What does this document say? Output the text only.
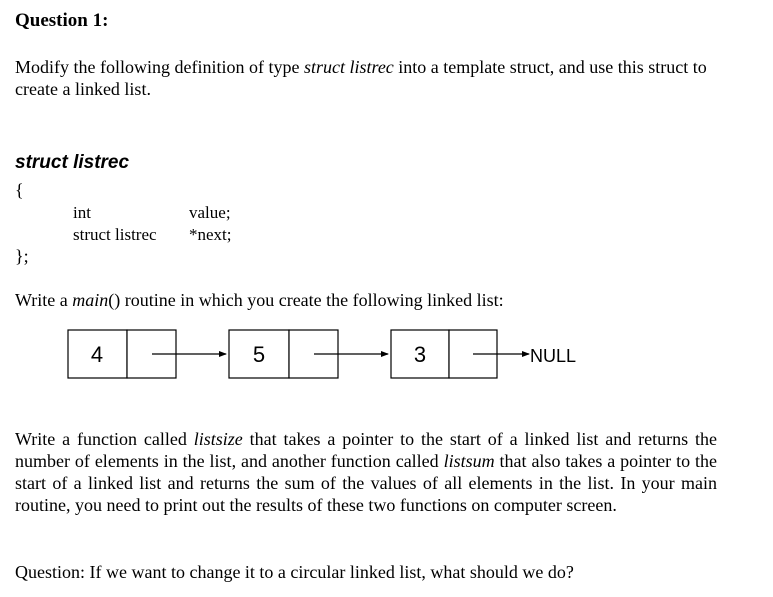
Question 1:
Modify the following definition of type struct listrec into a template struct, and use this struct to create a linked list.
struct listrec
{
int	value;
struct listrec *next;
};
Write a main() routine in which you create the following linked list:
4	5	3	NULL
Write a function called listsize that takes a pointer to the start of a linked list and returns the number of elements in the list, and another function called listsum that also takes a pointer to the start of a linked list and returns the sum of the values of all elements in the list. In your main routine, you need to print out the results of these two functions on computer screen.
Question: If we want to change it to a circular linked list, what should we do?
